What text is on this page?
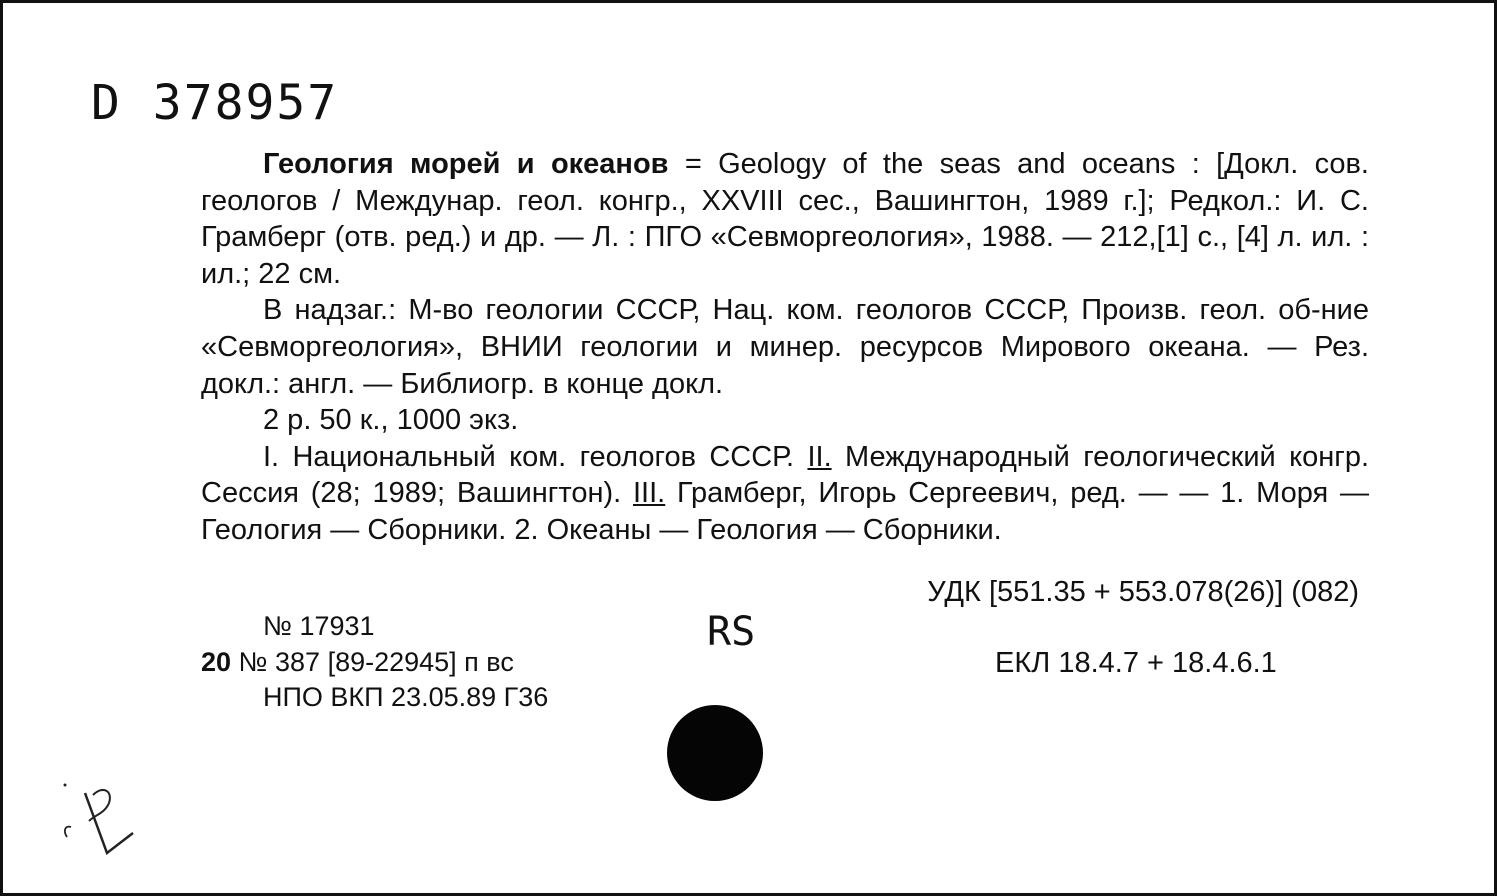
D 378957

Геология морей и океанов = Geology of the seas and oceans : [Докл. сов. геологов / Междунар. геол. конгр., XXVIII сес., Вашингтон, 1989 г.]; Редкол.: И. С. Грамберг (отв. ред.) и др. — Л. : ПГО «Севморгеология», 1988. — 212,[1] с., [4] л. ил. : ил.; 22 см.

В надзаг.: М-во геологии СССР, Нац. ком. геологов СССР, Произв. геол. об-ние «Севморгеология», ВНИИ геологии и минер. ресурсов Мирового океана. — Рез. докл.: англ. — Библиогр. в конце докл.

2 р. 50 к., 1000 экз.

I. Национальный ком. геологов СССР. II. Международный геологический конгр. Сессия (28; 1989; Вашингтон). III. Грамберг, Игорь Сергеевич, ред. — — 1. Моря — Геология — Сборники. 2. Океаны — Геология — Сборники.

УДК [551.35 + 553.078(26)] (082)
№ 17931
20 № 387 [89-22945] п вс
НПО ВКП 23.05.89 Г36
RS
ЕКЛ 18.4.7 + 18.4.6.1
